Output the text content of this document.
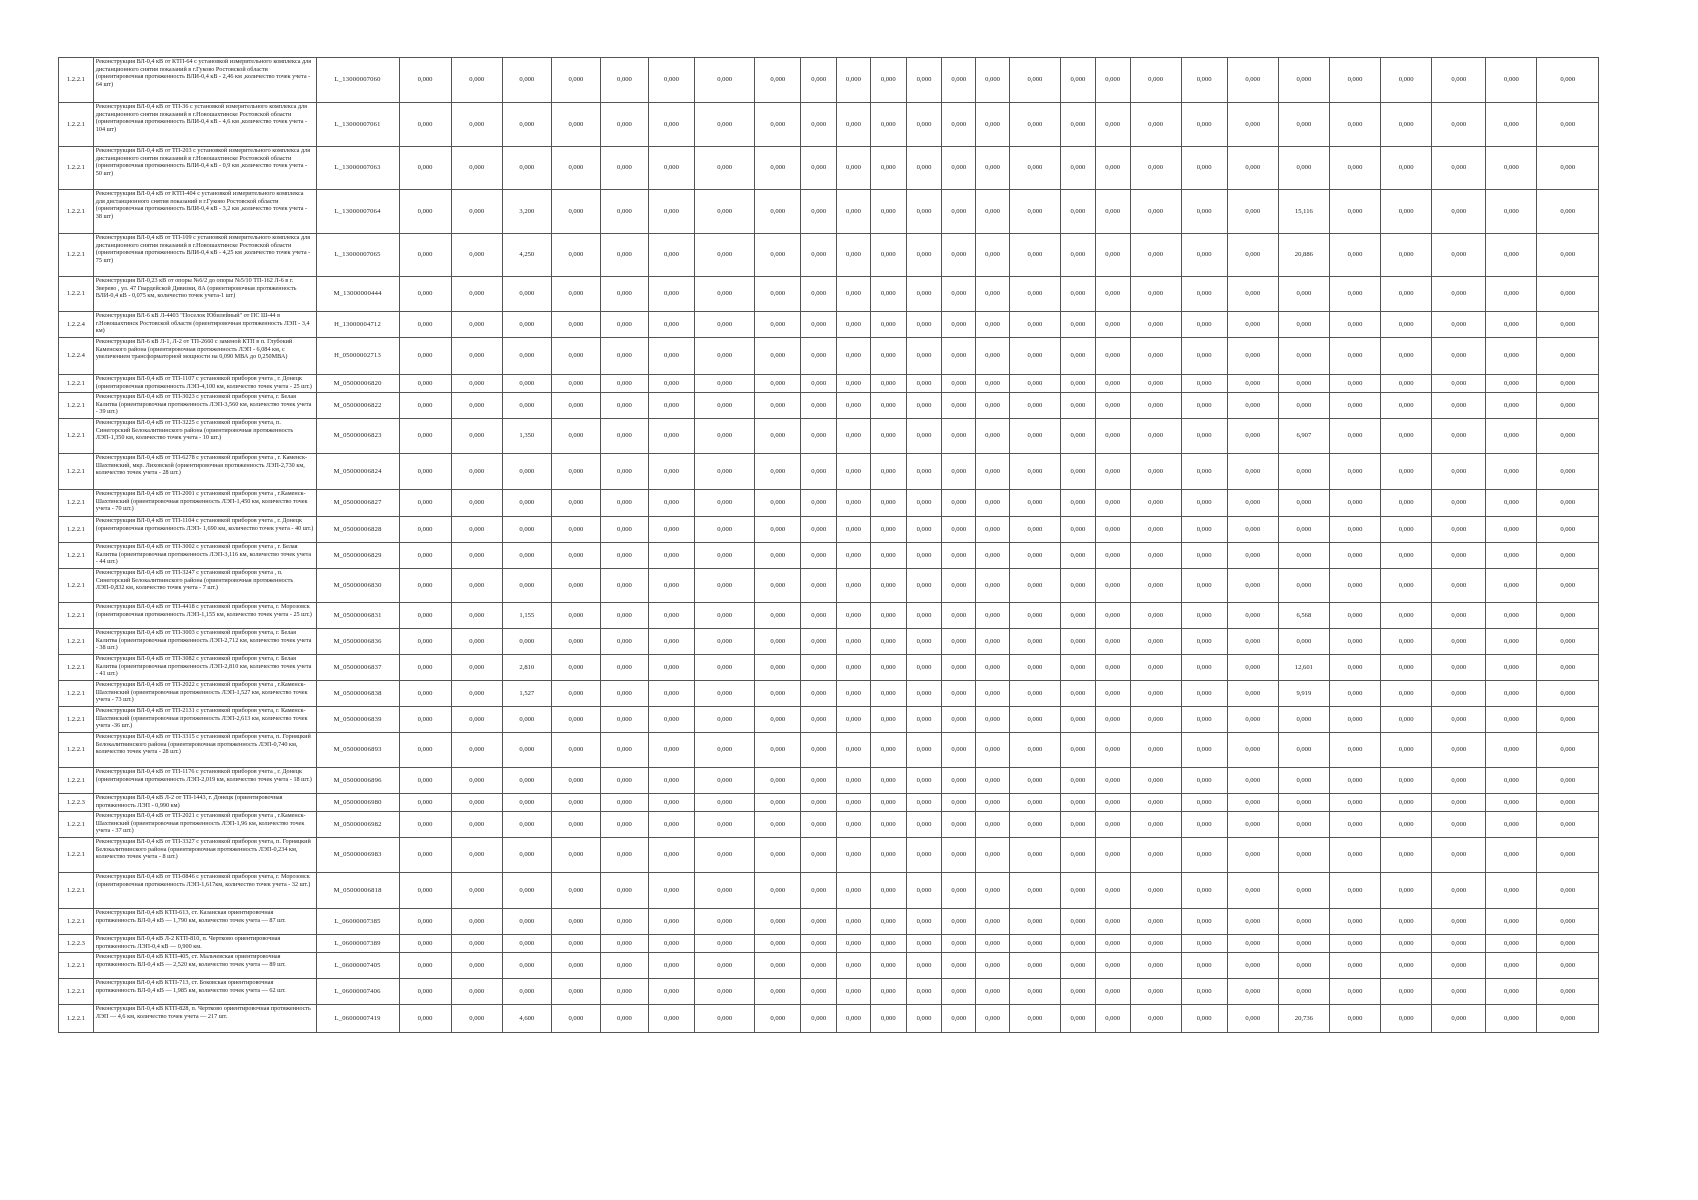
1.2.2.1	Реконструкция ВЛ-0,4 кВ от КТП-64 с установкой измерительного комплекса для дистанционного снятия показаний в г.Гуково Ростовской области (ориентировочная протяженность ВЛИ-0,4 кВ - 2,46 км ,количество точек учета - 64 шт)	L_13000007060	0,000	0,000	0,000	0,000	0,000	0,000	0,000	0,000	0,000	0,000	0,000	0,000	0,000	0,000	0,000	0,000	0,000	0,000	0,000	0,000	0,000	0,000	0,000	0,000	0,000	0,000
1.2.2.1	Реконструкция ВЛ-0,4 кВ от ТП-36 с установкой измерительного комплекса для дистанционного снятия показаний в г.Новошахтинске Ростовской области (ориентировочная протяженность ВЛИ-0,4 кВ - 4,6 км ,количество точек учета - 104 шт)	L_13000007061	0,000	0,000	0,000	0,000	0,000	0,000	0,000	0,000	0,000	0,000	0,000	0,000	0,000	0,000	0,000	0,000	0,000	0,000	0,000	0,000	0,000	0,000	0,000	0,000	0,000	0,000
1.2.2.1	Реконструкция ВЛ-0,4 кВ от ТП-203 с установкой измерительного комплекса для дистанционного снятия показаний в г.Новошахтинске Ростовской области (ориентировочная протяженность ВЛИ-0,4 кВ - 0,9 км ,количество точек учета - 50 шт)	L_13000007063	0,000	0,000	0,000	0,000	0,000	0,000	0,000	0,000	0,000	0,000	0,000	0,000	0,000	0,000	0,000	0,000	0,000	0,000	0,000	0,000	0,000	0,000	0,000	0,000	0,000	0,000
1.2.2.1	Реконструкция ВЛ-0,4 кВ от КТП-404 с установкой измерительного комплекса для дистанционного снятия показаний в г.Гуково Ростовской области (ориентировочная протяженность ВЛИ-0,4 кВ - 3,2 км ,количество точек учета - 38 шт)	L_13000007064	0,000	0,000	3,200	0,000	0,000	0,000	0,000	0,000	0,000	0,000	0,000	0,000	0,000	0,000	0,000	0,000	0,000	0,000	0,000	0,000	15,116	0,000	0,000	0,000	0,000	0,000
1.2.2.1	Реконструкция ВЛ-0,4 кВ от ТП-109 с установкой измерительного комплекса для дистанционного снятия показаний в г.Новошахтинске Ростовской области (ориентировочная протяженность ВЛИ-0,4 кВ - 4,25 км ,количество точек учета - 75 шт)	L_13000007065	0,000	0,000	4,250	0,000	0,000	0,000	0,000	0,000	0,000	0,000	0,000	0,000	0,000	0,000	0,000	0,000	0,000	0,000	0,000	0,000	20,886	0,000	0,000	0,000	0,000	0,000
1.2.2.1	Реконструкция ВЛ-0,23 кВ от опоры №6/2 до опоры №5/10 ТП-162 Л-6 в г. Зверево , ул. 47 Гвардейской Дивизии, 8А (ориентировочная протяженность ВЛИ-0,4 кВ - 0,075 км, количество точек учета-1 шт)	M_13000000444	0,000	0,000	0,000	0,000	0,000	0,000	0,000	0,000	0,000	0,000	0,000	0,000	0,000	0,000	0,000	0,000	0,000	0,000	0,000	0,000	0,000	0,000	0,000	0,000	0,000	0,000
1.2.2.4	Реконструкция ВЛ-6 кВ Л-4403 "Поселок Юбилейный" от ПС Ш-44 в г.Новошахтинск Ростовской области (ориентировочная протяженность ЛЭП - 3,4 км)	H_13000004712	0,000	0,000	0,000	0,000	0,000	0,000	0,000	0,000	0,000	0,000	0,000	0,000	0,000	0,000	0,000	0,000	0,000	0,000	0,000	0,000	0,000	0,000	0,000	0,000	0,000	0,000
1.2.2.4	Реконструкция ВЛ-6 кВ Л-1, Л-2 от ТП-2660 с заменой КТП в п. Глубокий Каменского района (ориентировочная протяженность ЛЭП - 6,084 км, с увеличением трансформаторной мощности на 0,090 МВА до 0,250МВА)	H_05000002713	0,000	0,000	0,000	0,000	0,000	0,000	0,000	0,000	0,000	0,000	0,000	0,000	0,000	0,000	0,000	0,000	0,000	0,000	0,000	0,000	0,000	0,000	0,000	0,000	0,000	0,000
1.2.2.1	Реконструкция ВЛ-0,4 кВ от ТП-1107 с установкой приборов учета , г. Донецк (ориентировочная протяженность ЛЭП-4,100 км, количество точек учета - 25 шт.)	M_05000006820	0,000	0,000	0,000	0,000	0,000	0,000	0,000	0,000	0,000	0,000	0,000	0,000	0,000	0,000	0,000	0,000	0,000	0,000	0,000	0,000	0,000	0,000	0,000	0,000	0,000	0,000
1.2.2.1	Реконструкция ВЛ-0,4 кВ от ТП-3023 с установкой приборов учета, г. Белая Калитва (ориентировочная протяженность ЛЭП-3,560 км, количество точек учета - 39 шт.)	M_05000006822	0,000	0,000	0,000	0,000	0,000	0,000	0,000	0,000	0,000	0,000	0,000	0,000	0,000	0,000	0,000	0,000	0,000	0,000	0,000	0,000	0,000	0,000	0,000	0,000	0,000	0,000
1.2.2.1	Реконструкция ВЛ-0,4 кВ от ТП-3225 с установкой приборов учета, п. Синегорский Белокалитвинского района (ориентировочная протяженность ЛЭП-1,350 км, количество точек учета - 10 шт.)	M_05000006823	0,000	0,000	1,350	0,000	0,000	0,000	0,000	0,000	0,000	0,000	0,000	0,000	0,000	0,000	0,000	0,000	0,000	0,000	0,000	0,000	6,907	0,000	0,000	0,000	0,000	0,000
1.2.2.1	Реконструкция ВЛ-0,4 кВ от ТП-6278 с установкой приборов учета , г. Каменск-Шахтинский, мкр. Лиховской (ориентировочная протяженность ЛЭП-2,730 км, количество точек учета - 28 шт.)	M_05000006824	0,000	0,000	0,000	0,000	0,000	0,000	0,000	0,000	0,000	0,000	0,000	0,000	0,000	0,000	0,000	0,000	0,000	0,000	0,000	0,000	0,000	0,000	0,000	0,000	0,000	0,000
1.2.2.1	Реконструкция ВЛ-0,4 кВ от ТП-2001 с установкой приборов учета , г.Каменск-Шахтинский (ориентировочная протяженность ЛЭП-1,450 км, количество точек учета - 70 шт.)	M_05000006827	0,000	0,000	0,000	0,000	0,000	0,000	0,000	0,000	0,000	0,000	0,000	0,000	0,000	0,000	0,000	0,000	0,000	0,000	0,000	0,000	0,000	0,000	0,000	0,000	0,000	0,000
1.2.2.1	Реконструкция ВЛ-0,4 кВ от ТП-1104 с установкой приборов учета , г. Донецк (ориентировочная протяженность ЛЭП- 1,690 км, количество точек учета - 40 шт.)	M_05000006828	0,000	0,000	0,000	0,000	0,000	0,000	0,000	0,000	0,000	0,000	0,000	0,000	0,000	0,000	0,000	0,000	0,000	0,000	0,000	0,000	0,000	0,000	0,000	0,000	0,000	0,000
1.2.2.1	Реконструкция ВЛ-0,4 кВ от ТП-3002 с установкой приборов учета , г. Белая Калитва (ориентировочная протяженность ЛЭП-3,116 км, количество точек учета - 44 шт.)	M_05000006829	0,000	0,000	0,000	0,000	0,000	0,000	0,000	0,000	0,000	0,000	0,000	0,000	0,000	0,000	0,000	0,000	0,000	0,000	0,000	0,000	0,000	0,000	0,000	0,000	0,000	0,000
1.2.2.1	Реконструкция ВЛ-0,4 кВ от ТП-3247 с установкой приборов учета , п. Синегорский Белокалитвинского района (ориентировочная протяженность ЛЭП-0,832 км, количество точек учета - 7 шт.)	M_05000006830	0,000	0,000	0,000	0,000	0,000	0,000	0,000	0,000	0,000	0,000	0,000	0,000	0,000	0,000	0,000	0,000	0,000	0,000	0,000	0,000	0,000	0,000	0,000	0,000	0,000	0,000
1.2.2.1	Реконструкция ВЛ-0,4 кВ от ТП-4418 с установкой приборов учета, г. Морозовск (ориентировочная протяженность ЛЭП-1,155 км, количество точек учета - 25 шт.)	M_05000006831	0,000	0,000	1,155	0,000	0,000	0,000	0,000	0,000	0,000	0,000	0,000	0,000	0,000	0,000	0,000	0,000	0,000	0,000	0,000	0,000	6,568	0,000	0,000	0,000	0,000	0,000
1.2.2.1	Реконструкция ВЛ-0,4 кВ от ТП-3003 с установкой приборов учета, г. Белая Калитва (ориентировочная протяженность ЛЭП-2,712 км, количество точек учета - 38 шт.)	M_05000006836	0,000	0,000	0,000	0,000	0,000	0,000	0,000	0,000	0,000	0,000	0,000	0,000	0,000	0,000	0,000	0,000	0,000	0,000	0,000	0,000	0,000	0,000	0,000	0,000	0,000	0,000
1.2.2.1	Реконструкция ВЛ-0,4 кВ от ТП-3082 с установкой приборов учета, г. Белая Калитва (ориентировочная протяженность ЛЭП-2,810 км, количество точек учета - 41 шт.)	M_05000006837	0,000	0,000	2,810	0,000	0,000	0,000	0,000	0,000	0,000	0,000	0,000	0,000	0,000	0,000	0,000	0,000	0,000	0,000	0,000	0,000	12,601	0,000	0,000	0,000	0,000	0,000
1.2.2.1	Реконструкция ВЛ-0,4 кВ от ТП-2022 с установкой приборов учета , г.Каменск-Шахтинский (ориентировочная протяженность ЛЭП-1,527 км, количество точек учета - 73 шт.)	M_05000006838	0,000	0,000	1,527	0,000	0,000	0,000	0,000	0,000	0,000	0,000	0,000	0,000	0,000	0,000	0,000	0,000	0,000	0,000	0,000	0,000	9,919	0,000	0,000	0,000	0,000	0,000
1.2.2.1	Реконструкция ВЛ-0,4 кВ от ТП-2131 с установкой приборов учета, г. Каменск-Шахтинский (ориентировочная протяженность ЛЭП-2,613 км, количество точек учета -36 шт.)	M_05000006839	0,000	0,000	0,000	0,000	0,000	0,000	0,000	0,000	0,000	0,000	0,000	0,000	0,000	0,000	0,000	0,000	0,000	0,000	0,000	0,000	0,000	0,000	0,000	0,000	0,000	0,000
1.2.2.1	Реконструкция ВЛ-0,4 кВ от ТП-3315 с установкой приборов учета, п. Горняцкий Белокалитвинского района (ориентировочная протяженность ЛЭП-0,740 км, количество точек учета - 28 шт.)	M_05000006893	0,000	0,000	0,000	0,000	0,000	0,000	0,000	0,000	0,000	0,000	0,000	0,000	0,000	0,000	0,000	0,000	0,000	0,000	0,000	0,000	0,000	0,000	0,000	0,000	0,000	0,000
1.2.2.1	Реконструкция ВЛ-0,4 кВ от ТП-1176 с установкой приборов учета , г. Донецк (ориентировочная протяженность ЛЭП-2,019 км, количество точек учета - 18 шт.)	M_05000006896	0,000	0,000	0,000	0,000	0,000	0,000	0,000	0,000	0,000	0,000	0,000	0,000	0,000	0,000	0,000	0,000	0,000	0,000	0,000	0,000	0,000	0,000	0,000	0,000	0,000	0,000
1.2.2.3	Реконструкция ВЛ-0,4 кВ Л-2 от ТП-1443, г. Донецк (ориентировочная протяженность ЛЭП - 0,990 км)	M_05000006980	0,000	0,000	0,000	0,000	0,000	0,000	0,000	0,000	0,000	0,000	0,000	0,000	0,000	0,000	0,000	0,000	0,000	0,000	0,000	0,000	0,000	0,000	0,000	0,000	0,000	0,000
1.2.2.1	Реконструкция ВЛ-0,4 кВ от ТП-2021 с установкой приборов учета , г.Каменск-Шахтинский (ориентировочная протяженность ЛЭП-1,96 км, количество точек учета - 37 шт.)	M_05000006982	0,000	0,000	0,000	0,000	0,000	0,000	0,000	0,000	0,000	0,000	0,000	0,000	0,000	0,000	0,000	0,000	0,000	0,000	0,000	0,000	0,000	0,000	0,000	0,000	0,000	0,000
1.2.2.1	Реконструкция ВЛ-0,4 кВ от ТП-3327 с установкой приборов учета, п. Горняцкий Белокалитвинского района (ориентировочная протяженность ЛЭП-0,234 км, количество точек учета - 8 шт.)	M_05000006983	0,000	0,000	0,000	0,000	0,000	0,000	0,000	0,000	0,000	0,000	0,000	0,000	0,000	0,000	0,000	0,000	0,000	0,000	0,000	0,000	0,000	0,000	0,000	0,000	0,000	0,000
1.2.2.1	Реконструкция ВЛ-0,4 кВ от ТП-0846 с установкой приборов учета, г. Морозовск (ориентировочная протяженность ЛЭП-1,617км, количество точек учета - 32 шт.)	M_05000006818	0,000	0,000	0,000	0,000	0,000	0,000	0,000	0,000	0,000	0,000	0,000	0,000	0,000	0,000	0,000	0,000	0,000	0,000	0,000	0,000	0,000	0,000	0,000	0,000	0,000	0,000
1.2.2.1	Реконструкция ВЛ-0,4 кВ КТП-613, ст. Казанская ориентировочная протяженность ВЛ-0,4 кВ — 1,790 км, количество точек учета — 87 шт.	L_06000007385	0,000	0,000	0,000	0,000	0,000	0,000	0,000	0,000	0,000	0,000	0,000	0,000	0,000	0,000	0,000	0,000	0,000	0,000	0,000	0,000	0,000	0,000	0,000	0,000	0,000	0,000
1.2.2.3	Реконструкция ВЛ-0,4 кВ Л-2 КТП-810, п. Чертково ориентировочная протяженность ЛЭП-0,4 кВ — 0,900 км.	L_06000007389	0,000	0,000	0,000	0,000	0,000	0,000	0,000	0,000	0,000	0,000	0,000	0,000	0,000	0,000	0,000	0,000	0,000	0,000	0,000	0,000	0,000	0,000	0,000	0,000	0,000	0,000
1.2.2.1	Реконструкция ВЛ-0,4 кВ КТП-405, ст. Мальчевская ориентировочная протяженность ВЛ-0,4 кВ — 2,520 км, количество точек учета — 89 шт.	L_06000007405	0,000	0,000	0,000	0,000	0,000	0,000	0,000	0,000	0,000	0,000	0,000	0,000	0,000	0,000	0,000	0,000	0,000	0,000	0,000	0,000	0,000	0,000	0,000	0,000	0,000	0,000
1.2.2.1	Реконструкция ВЛ-0,4 кВ КТП-713, ст. Боковская ориентировочная протяженность ВЛ-0,4 кВ — 1,985 км, количество точек учета — 62 шт.	L_06000007406	0,000	0,000	0,000	0,000	0,000	0,000	0,000	0,000	0,000	0,000	0,000	0,000	0,000	0,000	0,000	0,000	0,000	0,000	0,000	0,000	0,000	0,000	0,000	0,000	0,000	0,000
1.2.2.1	Реконструкция ВЛ-0,4 кВ КТП-828, п. Чертково ориентировочная протяженность ЛЭП — 4,6 км, количество точек учета — 217 шт.	L_06000007419	0,000	0,000	4,600	0,000	0,000	0,000	0,000	0,000	0,000	0,000	0,000	0,000	0,000	0,000	0,000	0,000	0,000	0,000	0,000	0,000	20,736	0,000	0,000	0,000	0,000	0,000
